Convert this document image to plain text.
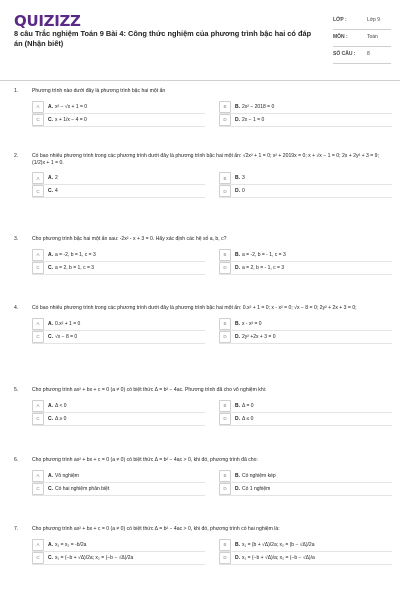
QUIZIZZ
8 câu Trắc nghiệm Toán 9 Bài 4: Công thức nghiệm của phương trình bậc hai có đáp án (Nhận biết)
LỚP :	Lớp 9
MÔN :	Toán
SỐ CÂU :	8
1.	Phương trình nào dưới đây là phương trình bậc hai một ẩn
A	A. x² − √x + 1 = 0	B	B. 2x² − 2018 = 0
C	C. x + 1/x − 4 = 0	D	D. 2x − 1 = 0
2.	Có bao nhiêu phương trình trong các phương trình dưới đây là phương trình bậc hai một ẩn: √2x² + 1 = 0; x² + 2019x = 0; x + √x − 1 = 0; 2x + 2y² + 3 = 9; (1/2)x + 1 = 0.
A	A. 2	B	B. 3
C	C. 4	D	D. 0
3.	Cho phương trình bậc hai một ẩn sau: -2x² - x + 3 = 0. Hãy xác định các hệ số a, b, c?
A	A. a = -2, b = 1, c = 3	B	B. a = -2, b = - 1, c = 3
C	C. a = 2, b = 1, c = 3	D	D. a = 2, b = - 1, c = 3
4.	Có bao nhiêu phương trình trong các phương trình dưới đây là phương trình bậc hai một ẩn: 0.x² + 1 = 0; x - x² = 0; √x − 8 = 0; 2y² + 2x + 3 = 0;
A	A. 0.x² + 1 = 0	B	B. x - x² = 0
C	C. √x − 8 = 0	D	D. 2y² +2x + 3 = 0
5.	Cho phương trình ax² + bx + c = 0 (a ≠ 0) có biệt thức Δ = b² − 4ac. Phương trình đã cho vô nghiệm khi:
A	A. Δ < 0	B	B. Δ = 0
C	C. Δ ≥ 0	D	D. Δ ≤ 0
6.	Cho phương trình ax² + bx + c = 0 (a ≠ 0) có biệt thức Δ = b² − 4ac > 0, khi đó, phương trình đã cho:
A	A. Vô nghiệm	B	B. Có nghiệm kép
C	C. Có hai nghiệm phân biệt	D	D. Có 1 nghiệm
7.	Cho phương trình ax² + bx + c = 0 (a ≠ 0) có biệt thức Δ = b² − 4ac > 0, khi đó, phương trình có hai nghiệm là:
A	A. x₁ = x₂ = -b/2a	B	B. x₁ = (b + √Δ)/2a; x₂ = (b − √Δ)/2a
C	C. x₁ = (−b + √Δ)/2a; x₂ = (−b − √Δ)/2a	D	D. x₁ = (−b + √Δ)/a; x₂ = (−b − √Δ)/a
